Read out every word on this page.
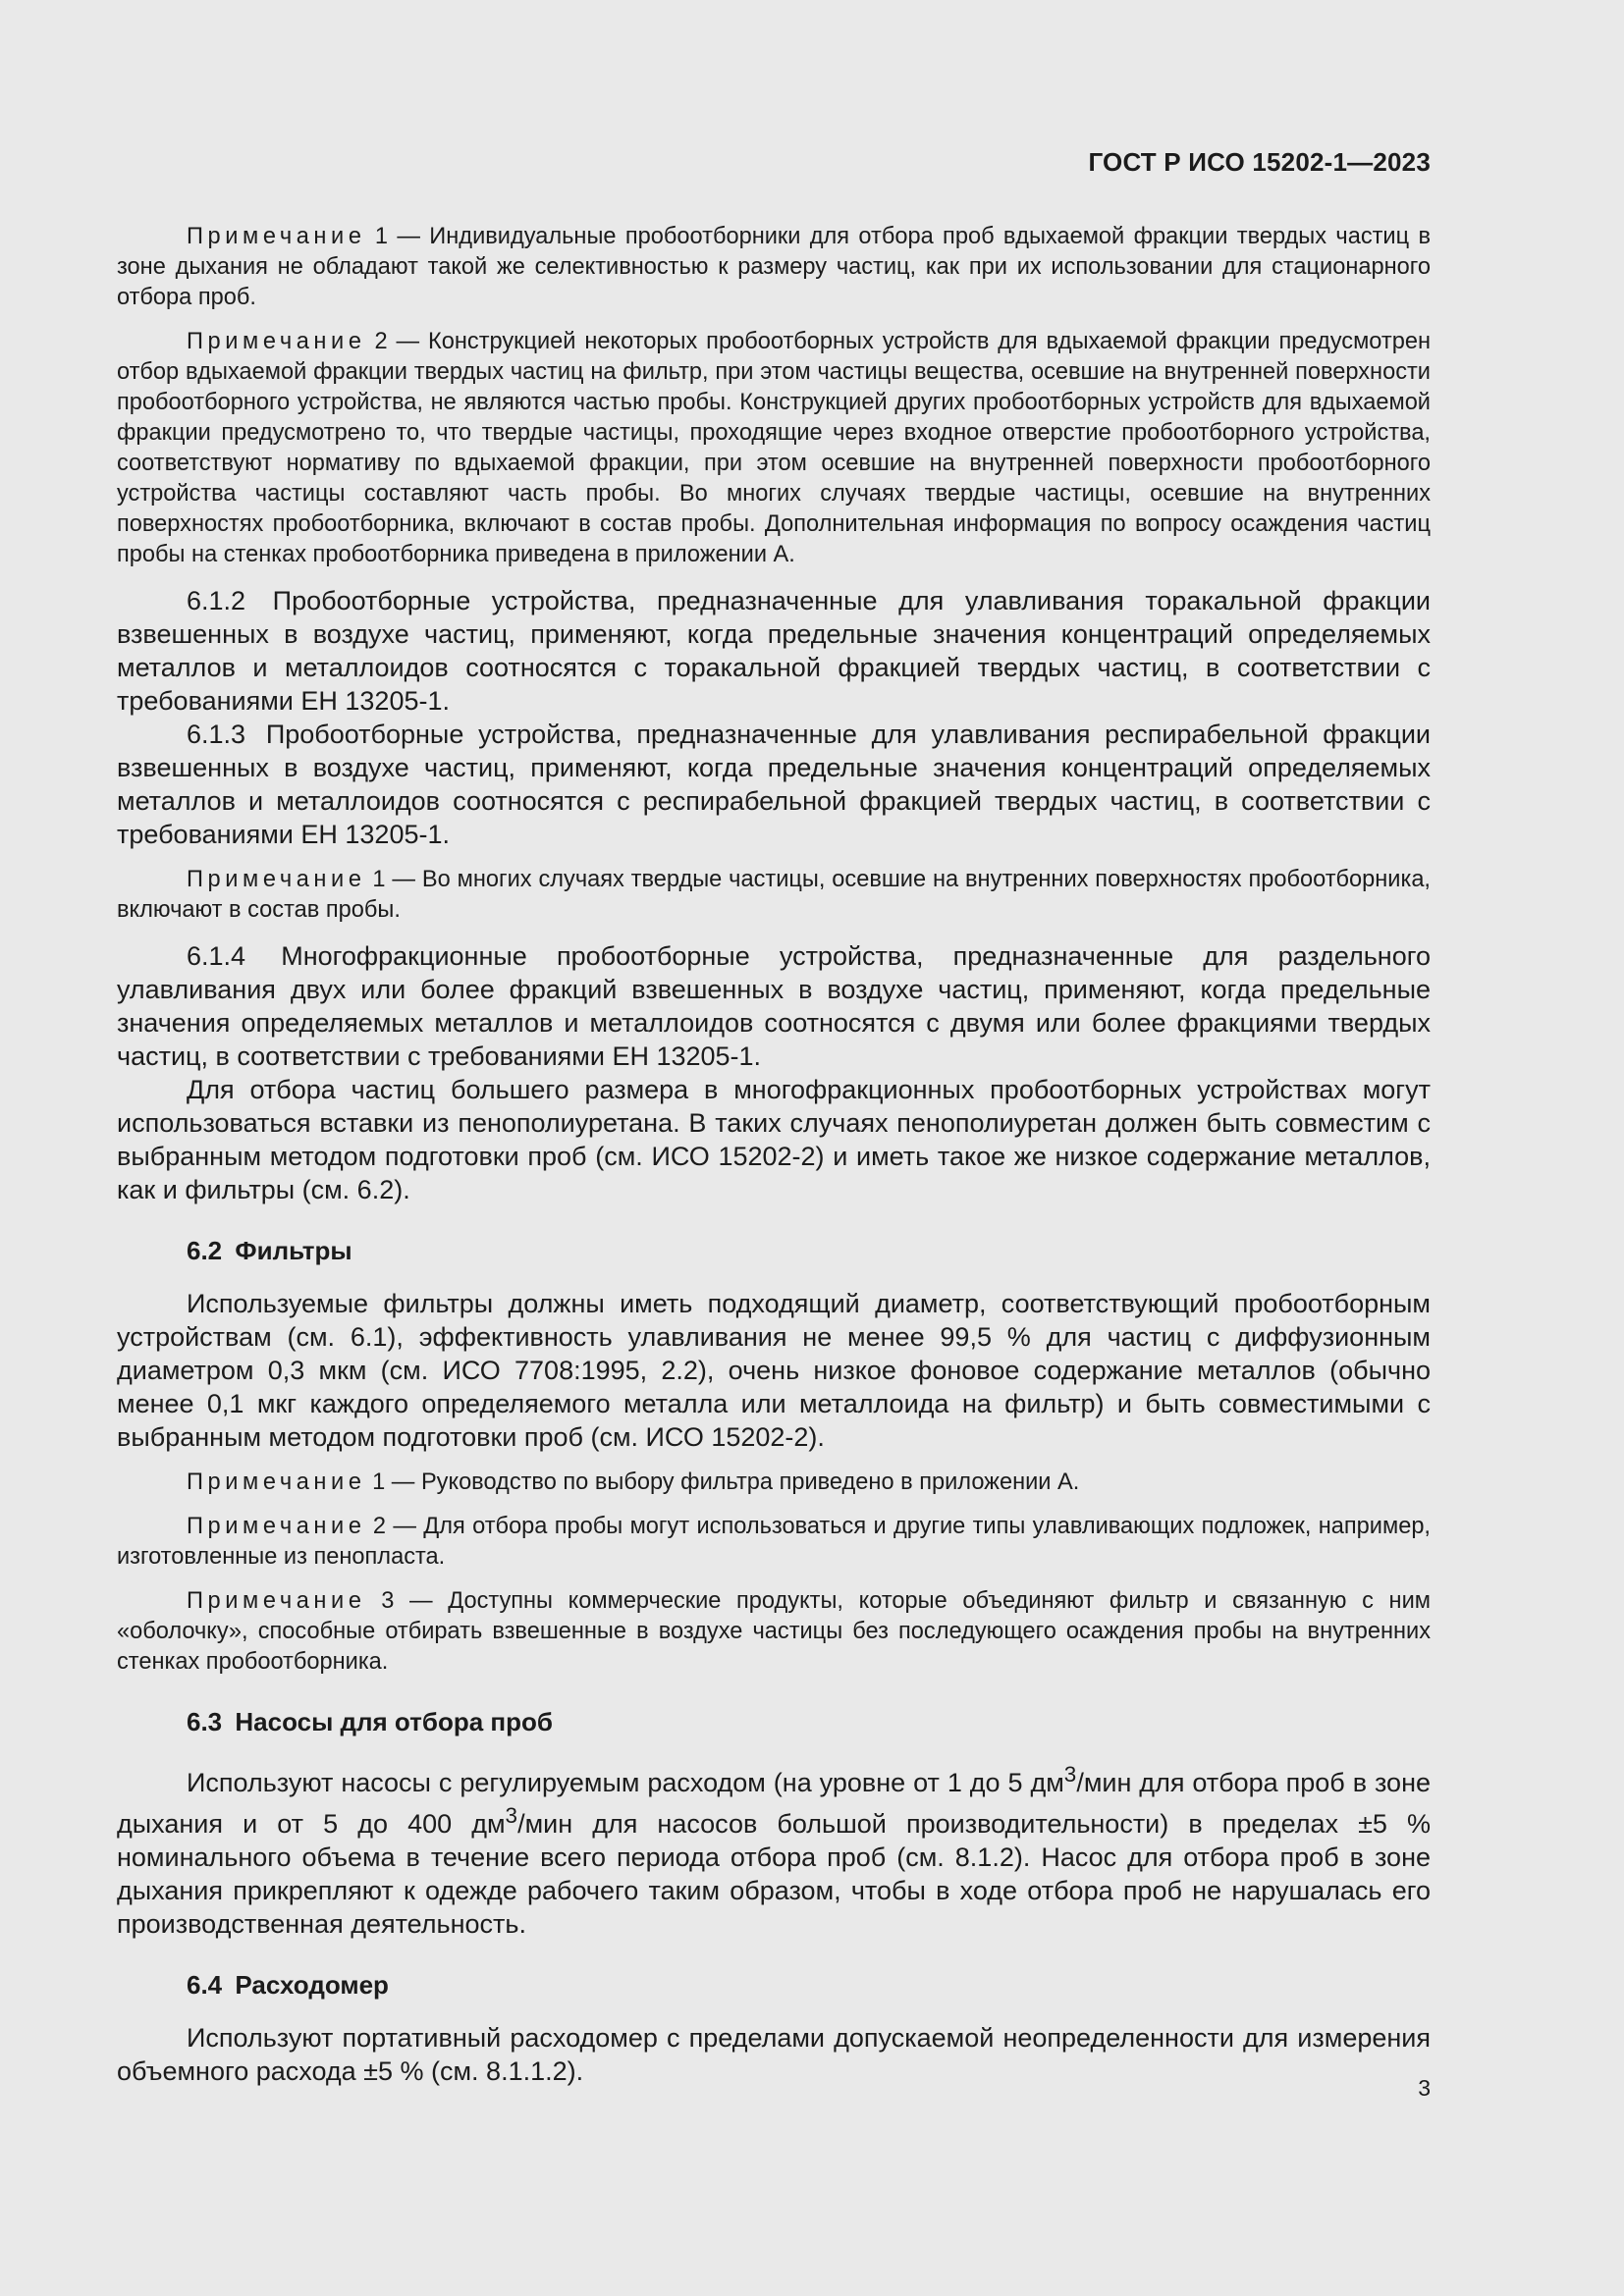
ГОСТ Р ИСО 15202-1—2023

Примечание 1 — Индивидуальные пробоотборники для отбора проб вдыхаемой фракции твердых частиц в зоне дыхания не обладают такой же селективностью к размеру частиц, как при их использовании для стационарного отбора проб.

Примечание 2 — Конструкцией некоторых пробоотборных устройств для вдыхаемой фракции предусмотрен отбор вдыхаемой фракции твердых частиц на фильтр, при этом частицы вещества, осевшие на внутренней поверхности пробоотборного устройства, не являются частью пробы. Конструкцией других пробоотборных устройств для вдыхаемой фракции предусмотрено то, что твердые частицы, проходящие через входное отверстие пробоотборного устройства, соответствуют нормативу по вдыхаемой фракции, при этом осевшие на внутренней поверхности пробоотборного устройства частицы составляют часть пробы. Во многих случаях твердые частицы, осевшие на внутренних поверхностях пробоотборника, включают в состав пробы. Дополнительная информация по вопросу осаждения частиц пробы на стенках пробоотборника приведена в приложении А.

6.1.2 Пробоотборные устройства, предназначенные для улавливания торакальной фракции взвешенных в воздухе частиц, применяют, когда предельные значения концентраций определяемых металлов и металлоидов соотносятся с торакальной фракцией твердых частиц, в соответствии с требованиями ЕН 13205-1.

6.1.3 Пробоотборные устройства, предназначенные для улавливания респирабельной фракции взвешенных в воздухе частиц, применяют, когда предельные значения концентраций определяемых металлов и металлоидов соотносятся с респирабельной фракцией твердых частиц, в соответствии с требованиями ЕН 13205-1.

Примечание 1 — Во многих случаях твердые частицы, осевшие на внутренних поверхностях пробоотборника, включают в состав пробы.

6.1.4 Многофракционные пробоотборные устройства, предназначенные для раздельного улавливания двух или более фракций взвешенных в воздухе частиц, применяют, когда предельные значения определяемых металлов и металлоидов соотносятся с двумя или более фракциями твердых частиц, в соответствии с требованиями ЕН 13205-1.

Для отбора частиц большего размера в многофракционных пробоотборных устройствах могут использоваться вставки из пенополиуретана. В таких случаях пенополиуретан должен быть совместим с выбранным методом подготовки проб (см. ИСО 15202-2) и иметь такое же низкое содержание металлов, как и фильтры (см. 6.2).

6.2 Фильтры

Используемые фильтры должны иметь подходящий диаметр, соответствующий пробоотборным устройствам (см. 6.1), эффективность улавливания не менее 99,5 % для частиц с диффузионным диаметром 0,3 мкм (см. ИСО 7708:1995, 2.2), очень низкое фоновое содержание металлов (обычно менее 0,1 мкг каждого определяемого металла или металлоида на фильтр) и быть совместимыми с выбранным методом подготовки проб (см. ИСО 15202-2).

Примечание 1 — Руководство по выбору фильтра приведено в приложении А.

Примечание 2 — Для отбора пробы могут использоваться и другие типы улавливающих подложек, например, изготовленные из пенопласта.

Примечание 3 — Доступны коммерческие продукты, которые объединяют фильтр и связанную с ним «оболочку», способные отбирать взвешенные в воздухе частицы без последующего осаждения пробы на внутренних стенках пробоотборника.

6.3 Насосы для отбора проб

Используют насосы с регулируемым расходом (на уровне от 1 до 5 $дм^3$/мин для отбора проб в зоне дыхания и от 5 до 400 $дм^3$/мин для насосов большой производительности) в пределах ±5 % номинального объема в течение всего периода отбора проб (см. 8.1.2). Насос для отбора проб в зоне дыхания прикрепляют к одежде рабочего таким образом, чтобы в ходе отбора проб не нарушалась его производственная деятельность.

6.4 Расходомер

Используют портативный расходомер с пределами допускаемой неопределенности для измерения объемного расхода ±5 % (см. 8.1.1.2).

3
